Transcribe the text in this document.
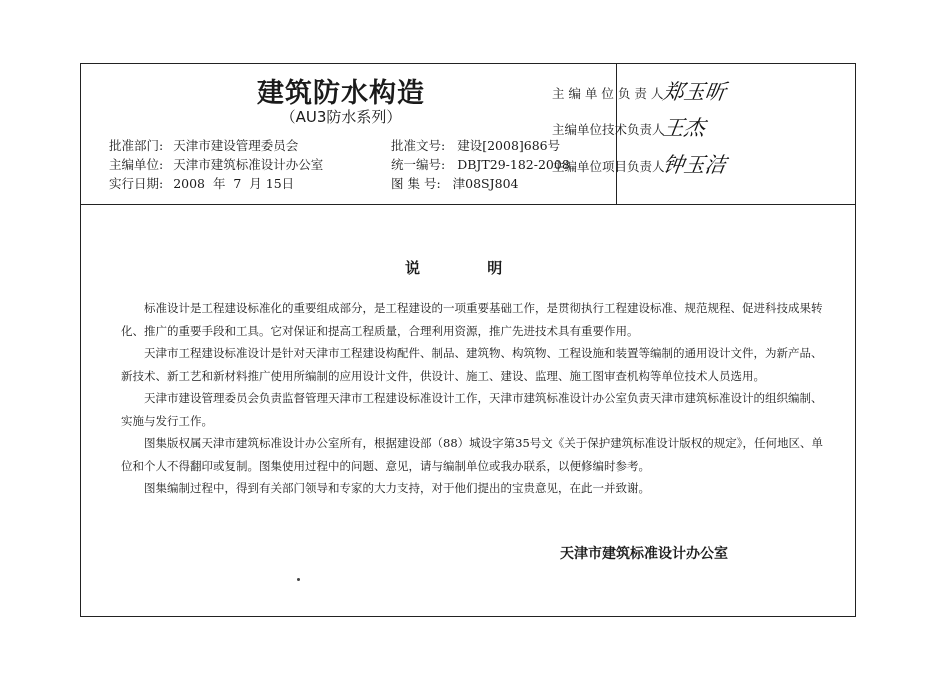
建筑防水构造
（AU3防水系列）
批准部门: 天津市建设管理委员会
主编单位: 天津市建筑标准设计办公室
实行日期: 2008  年  7  月 15日
批准文号: 建设[2008]686号
统一编号: DBJT29-182-2008
图 集 号: 津08SJ804
主 编 单 位 负 责 人
主编单位技术负责人
主编单位项目负责人
郑玉昕
王杰
钟玉洁
说	明

标准设计是工程建设标准化的重要组成部分，是工程建设的一项重要基础工作，是贯彻执行工程建设标准、规范规程、促进科技成果转化、推广的重要手段和工具。它对保证和提高工程质量，合理利用资源，推广先进技术具有重要作用。

天津市工程建设标准设计是针对天津市工程建设构配件、制品、建筑物、构筑物、工程设施和装置等编制的通用设计文件，为新产品、新技术、新工艺和新材料推广使用所编制的应用设计文件，供设计、施工、建设、监理、施工图审查机构等单位技术人员选用。

天津市建设管理委员会负责监督管理天津市工程建设标准设计工作，天津市建筑标准设计办公室负责天津市建筑标准设计的组织编制、实施与发行工作。

图集版权属天津市建筑标准设计办公室所有，根据建设部（88）城设字第35号文《关于保护建筑标准设计版权的规定》，任何地区、单位和个人不得翻印或复制。图集使用过程中的问题、意见，请与编制单位或我办联系，以便修编时参考。

图集编制过程中，得到有关部门领导和专家的大力支持，对于他们提出的宝贵意见，在此一并致谢。

天津市建筑标准设计办公室
